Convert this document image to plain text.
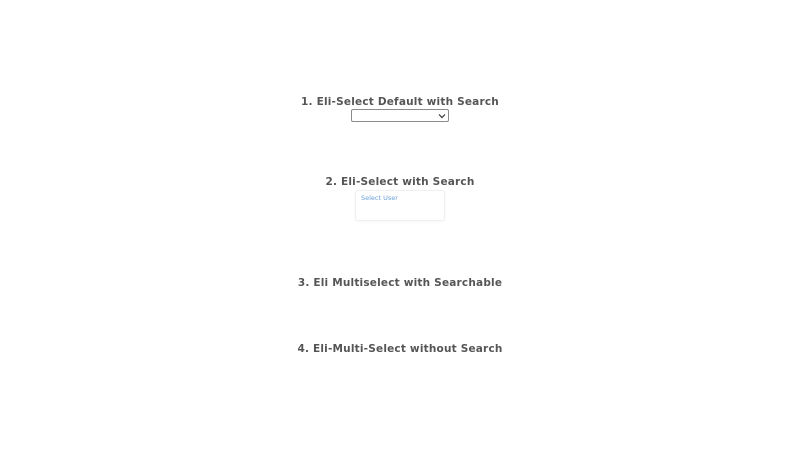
1. Eli-Select Default with Search
2. Eli-Select with Search
Select User
3. Eli Multiselect with Searchable
4. Eli-Multi-Select without Search
